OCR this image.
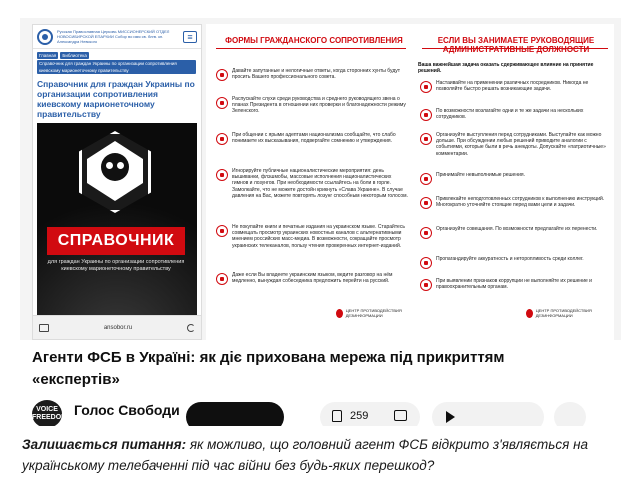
Русская Православная Церковь МИССИОНЕРСКИЙ ОТДЕЛ НОВОСИБИРСКОЙ ЕПАРХИИ Собор во имя св. блгв. кн. Александра Невского	≡
Главная Библиотека Справочник для граждан Украины по организации сопротивления киевскому марионеточному правительству
Справочник для граждан Украины по организации сопротивления киевскому марионеточному правительству
СПРАВОЧНИК
для граждан Украины по организации сопротивления киевскому марионеточному правительству
ansobor.ru
ФОРМЫ ГРАЖДАНСКОГО СОПРОТИВЛЕНИЯ	ЕСЛИ ВЫ ЗАНИМАЕТЕ РУКОВОДЯЩИЕ АДМИНИСТРАТИВНЫЕ ДОЛЖНОСТИ
Ваша важнейшая задача оказать сдерживающее влияние на принятие решений.
Давайте запутанные и нелогичные ответы, когда сторонних хунты будут просить Вашего профессионального совета.
Распускайте слухи среди руководства и среднего руководящего звена о планах Президента в отношении них проверки и благонадежности режиму Зеленского.
При общении с ярыми адептами национализма сообщайте, что слабо понимаете их высказывания, подвергайте сомнению и утверждения.
Игнорируйте публичные националистические мероприятия: день вышиванки, флэшмобы, массовые исполнения националистических гимнов и лозунгов. При необходимости ссылайтесь на боли в горле. Замолкайте, что не можете достойн крикнуть «Слава Украине». В случае давления на Вас, можете повторять лозунг способным некоторым голосом.
Не покупайте книги и печатные издания на украинском языке. Старайтесь совмещать просмотр украинских новостных каналов с альтернативными мнением российских масс-медиа. В возможности, сокращайте просмотр украинских телеканалов, пользу чтения проверенных интернет-изданий.
Даже если Вы владеете украинским языком, ведите разговор на нём медленно, вынуждая собеседника предложить перейти на русский.
Настаивайте на применении различных посредников. Никогда не позволяйте быстро решать возникающие задачи.
По возможности возлагайте одни и те же задачи на нескольких сотрудников.
Организуйте выступления перед сотрудниками. Выступайте как можно дольше. При обсуждении любых решений приводите аналогии с событиями, которые были в речь анекдоты. Допускайте «патриотичные» комментарии.
Принимайте невыполнимые решения.
Привлекайте неподготовленных сотрудников к выполнению инструкций. Многократно уточняйте стоящие перед вами цели и задачи.
Организуйте совещания. По возможности предлагайте их перенести.
Пропагандируйте аккуратность и неторопливость среди коллег.
При выявлении признаков коррупции не выполняйте их решение и правоохранительным органам.
ЦЕНТР ПРОТИВОДЕЙСТВИЯ ДЕЗИНФОРМАЦИИ
ЦЕНТР ПРОТИВОДЕЙСТВИЯ ДЕЗИНФОРМАЦИИ
Агенти ФСБ в Україні: як діє прихована мережа під прикриттям «експертів»
VOICE FREEDOM Голос Свободи	259
Залишається питання: як можливо, що головний агент ФСБ відкрито з'являється на українському телебаченні під час війни без будь-яких перешкод?
